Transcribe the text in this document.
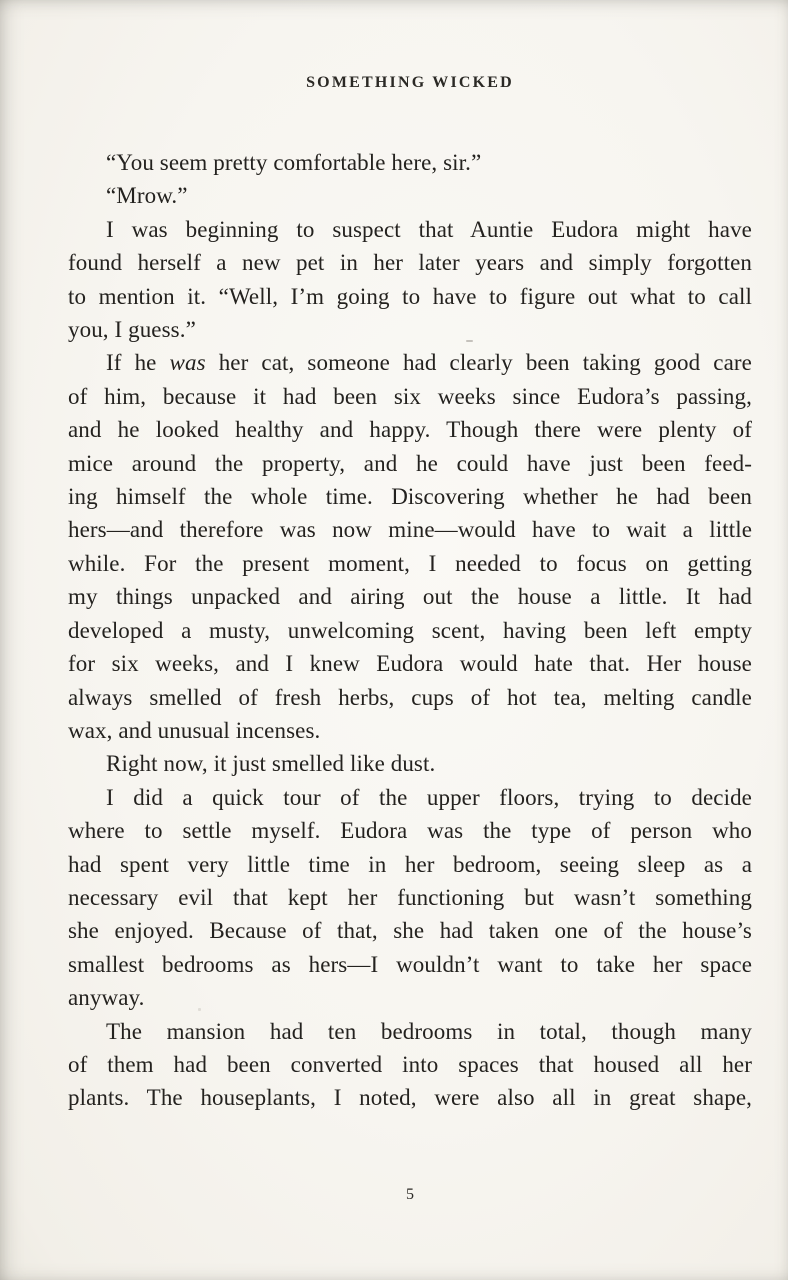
SOMETHING WICKED
“You seem pretty comfortable here, sir.”
“Mrow.”
I was beginning to suspect that Auntie Eudora might have
found herself a new pet in her later years and simply forgotten
to mention it. “Well, I’m going to have to figure out what to call
you, I guess.”
If he was her cat, someone had clearly been taking good care
of him, because it had been six weeks since Eudora’s passing,
and he looked healthy and happy. Though there were plenty of
mice around the property, and he could have just been feed-
ing himself the whole time. Discovering whether he had been
hers—and therefore was now mine—would have to wait a little
while. For the present moment, I needed to focus on getting
my things unpacked and airing out the house a little. It had
developed a musty, unwelcoming scent, having been left empty
for six weeks, and I knew Eudora would hate that. Her house
always smelled of fresh herbs, cups of hot tea, melting candle
wax, and unusual incenses.
Right now, it just smelled like dust.
I did a quick tour of the upper floors, trying to decide
where to settle myself. Eudora was the type of person who
had spent very little time in her bedroom, seeing sleep as a
necessary evil that kept her functioning but wasn’t something
she enjoyed. Because of that, she had taken one of the house’s
smallest bedrooms as hers—I wouldn’t want to take her space
anyway.
The mansion had ten bedrooms in total, though many
of them had been converted into spaces that housed all her
plants. The houseplants, I noted, were also all in great shape,
5
